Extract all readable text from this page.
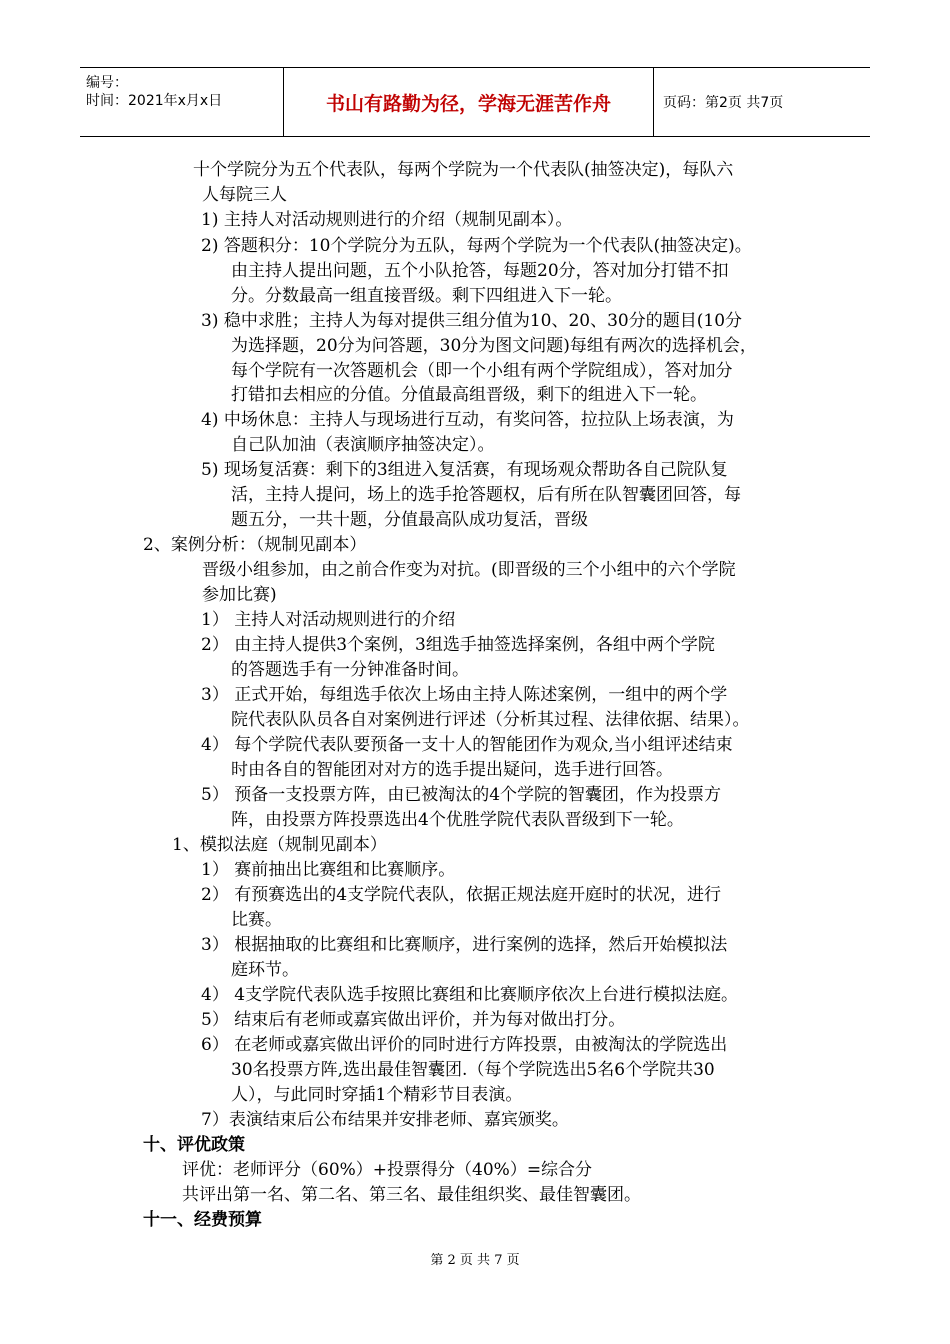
编号：
时间：2021年x月x日	书山有路勤为径，学海无涯苦作舟	页码：第2页 共7页
十个学院分为五个代表队，每两个学院为一个代表队(抽签决定)，每队六
人每院三人
1) 主持人对活动规则进行的介绍（规制见副本）。
2) 答题积分：10个学院分为五队，每两个学院为一个代表队(抽签决定)。
由主持人提出问题，五个小队抢答，每题20分，答对加分打错不扣
分。分数最高一组直接晋级。剩下四组进入下一轮。
3) 稳中求胜；主持人为每对提供三组分值为10、20、30分的题目(10分
为选择题，20分为问答题，30分为图文问题)每组有两次的选择机会，
每个学院有一次答题机会（即一个小组有两个学院组成），答对加分
打错扣去相应的分值。分值最高组晋级，剩下的组进入下一轮。
4) 中场休息：主持人与现场进行互动，有奖问答，拉拉队上场表演，为
自己队加油（表演顺序抽签决定）。
5) 现场复活赛：剩下的3组进入复活赛，有现场观众帮助各自己院队复
活，主持人提问，场上的选手抢答题权，后有所在队智囊团回答，每
题五分，一共十题，分值最高队成功复活，晋级
2、案例分析：（规制见副本）
晋级小组参加，由之前合作变为对抗。(即晋级的三个小组中的六个学院
参加比赛)
1） 主持人对活动规则进行的介绍
2） 由主持人提供3个案例，3组选手抽签选择案例，各组中两个学院
的答题选手有一分钟准备时间。
3） 正式开始，每组选手依次上场由主持人陈述案例，一组中的两个学
院代表队队员各自对案例进行评述（分析其过程、法律依据、结果）。
4） 每个学院代表队要预备一支十人的智能团作为观众,当小组评述结束
时由各自的智能团对对方的选手提出疑问，选手进行回答。
5） 预备一支投票方阵，由已被淘汰的4个学院的智囊团，作为投票方
阵，由投票方阵投票选出4个优胜学院代表队晋级到下一轮。
1、模拟法庭（规制见副本）
1） 赛前抽出比赛组和比赛顺序。
2） 有预赛选出的4支学院代表队，依据正规法庭开庭时的状况，进行
比赛。
3） 根据抽取的比赛组和比赛顺序，进行案例的选择，然后开始模拟法
庭环节。
4） 4支学院代表队选手按照比赛组和比赛顺序依次上台进行模拟法庭。
5） 结束后有老师或嘉宾做出评价，并为每对做出打分。
6） 在老师或嘉宾做出评价的同时进行方阵投票，由被淘汰的学院选出
30名投票方阵,选出最佳智囊团.（每个学院选出5名6个学院共30
人），与此同时穿插1个精彩节目表演。
7）表演结束后公布结果并安排老师、嘉宾颁奖。
十、评优政策
评优：老师评分（60%）+投票得分（40%）=综合分
共评出第一名、第二名、第三名、最佳组织奖、最佳智囊团。
十一、经费预算
第 2 页 共 7 页
